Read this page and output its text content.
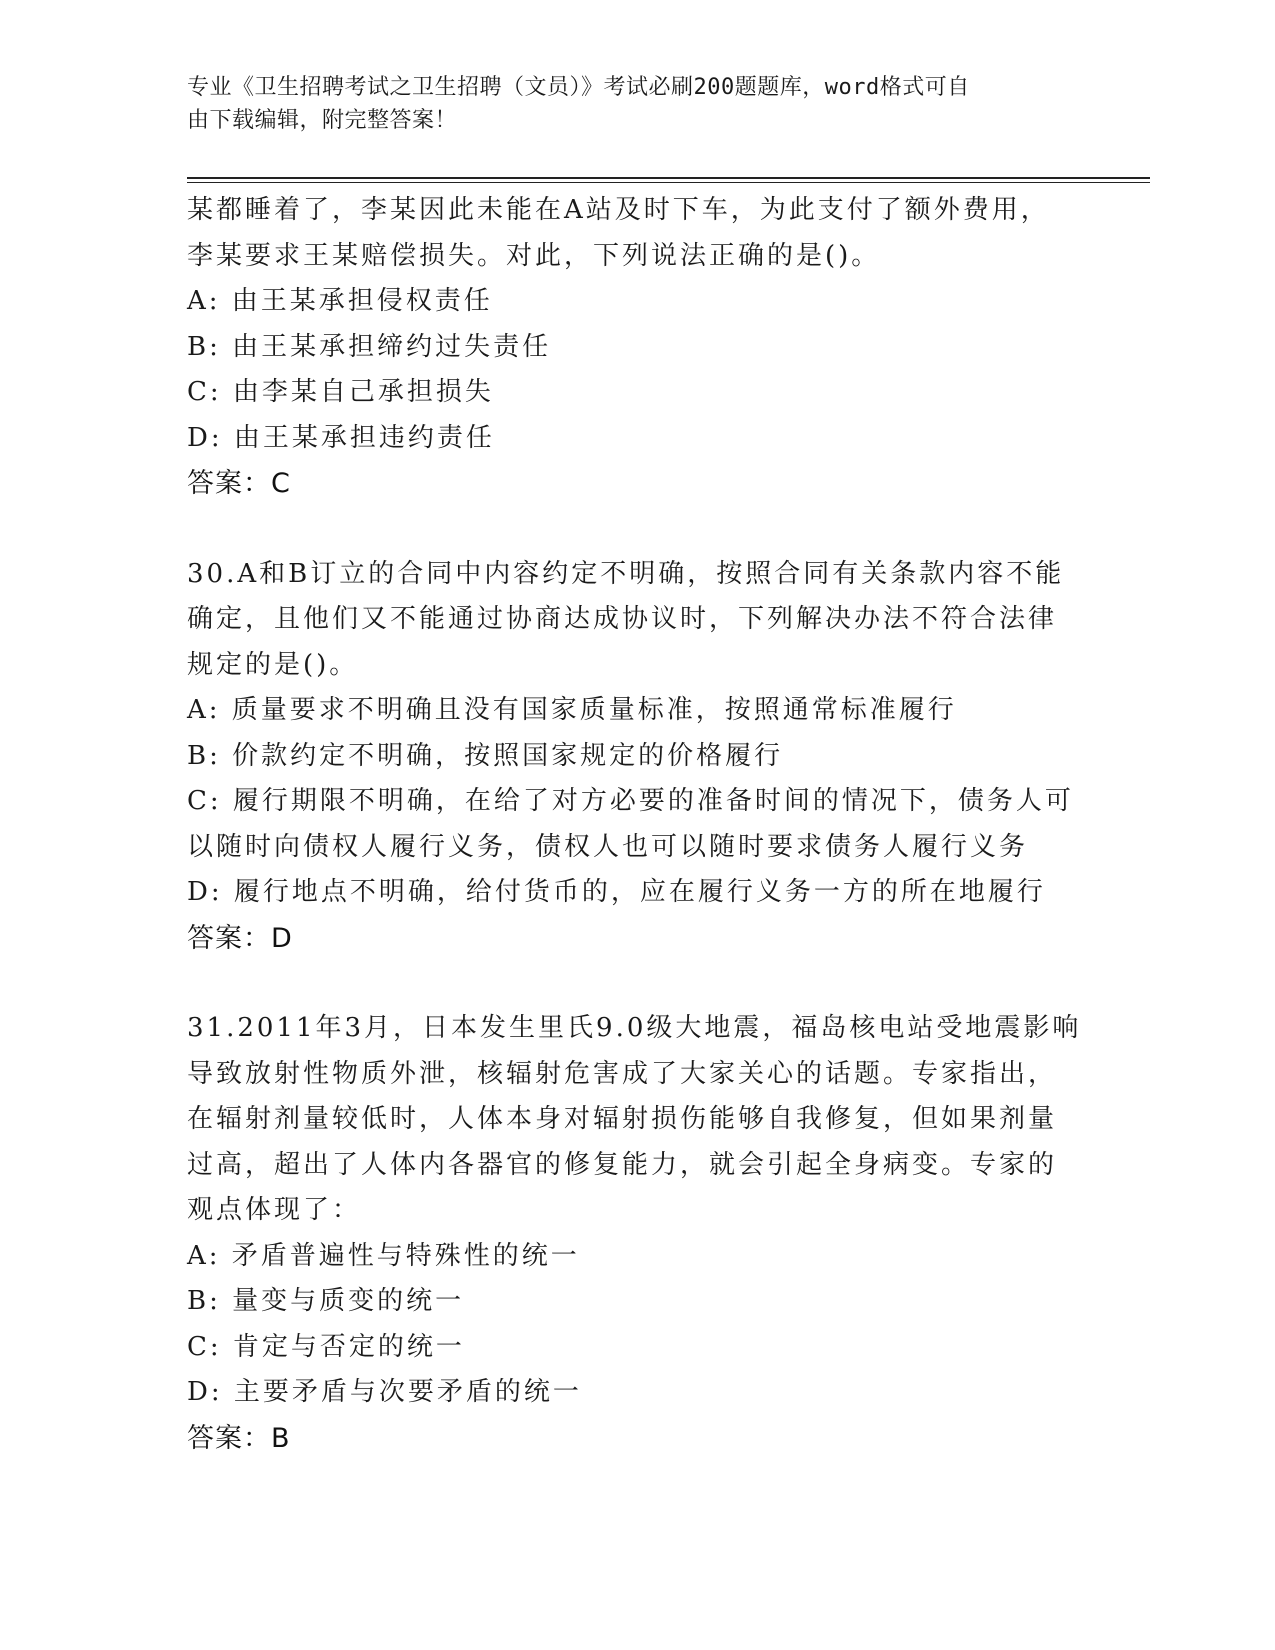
专业《卫生招聘考试之卫生招聘（文员）》考试必刷200题题库，word格式可自
由下载编辑，附完整答案！
某都睡着了，李某因此未能在A站及时下车，为此支付了额外费用，
李某要求王某赔偿损失。对此，下列说法正确的是()。
A: 由王某承担侵权责任
B: 由王某承担缔约过失责任
C: 由李某自己承担损失
D: 由王某承担违约责任
答案：C
30.A和B订立的合同中内容约定不明确，按照合同有关条款内容不能
确定，且他们又不能通过协商达成协议时，下列解决办法不符合法律
规定的是()。
A: 质量要求不明确且没有国家质量标准，按照通常标准履行
B: 价款约定不明确，按照国家规定的价格履行
C: 履行期限不明确，在给了对方必要的准备时间的情况下，债务人可
以随时向债权人履行义务，债权人也可以随时要求债务人履行义务
D: 履行地点不明确，给付货币的，应在履行义务一方的所在地履行
答案：D
31.2011年3月，日本发生里氏9.0级大地震，福岛核电站受地震影响
导致放射性物质外泄，核辐射危害成了大家关心的话题。专家指出，
在辐射剂量较低时，人体本身对辐射损伤能够自我修复，但如果剂量
过高，超出了人体内各器官的修复能力，就会引起全身病变。专家的
观点体现了：
A: 矛盾普遍性与特殊性的统一
B: 量变与质变的统一
C: 肯定与否定的统一
D: 主要矛盾与次要矛盾的统一
答案：B
